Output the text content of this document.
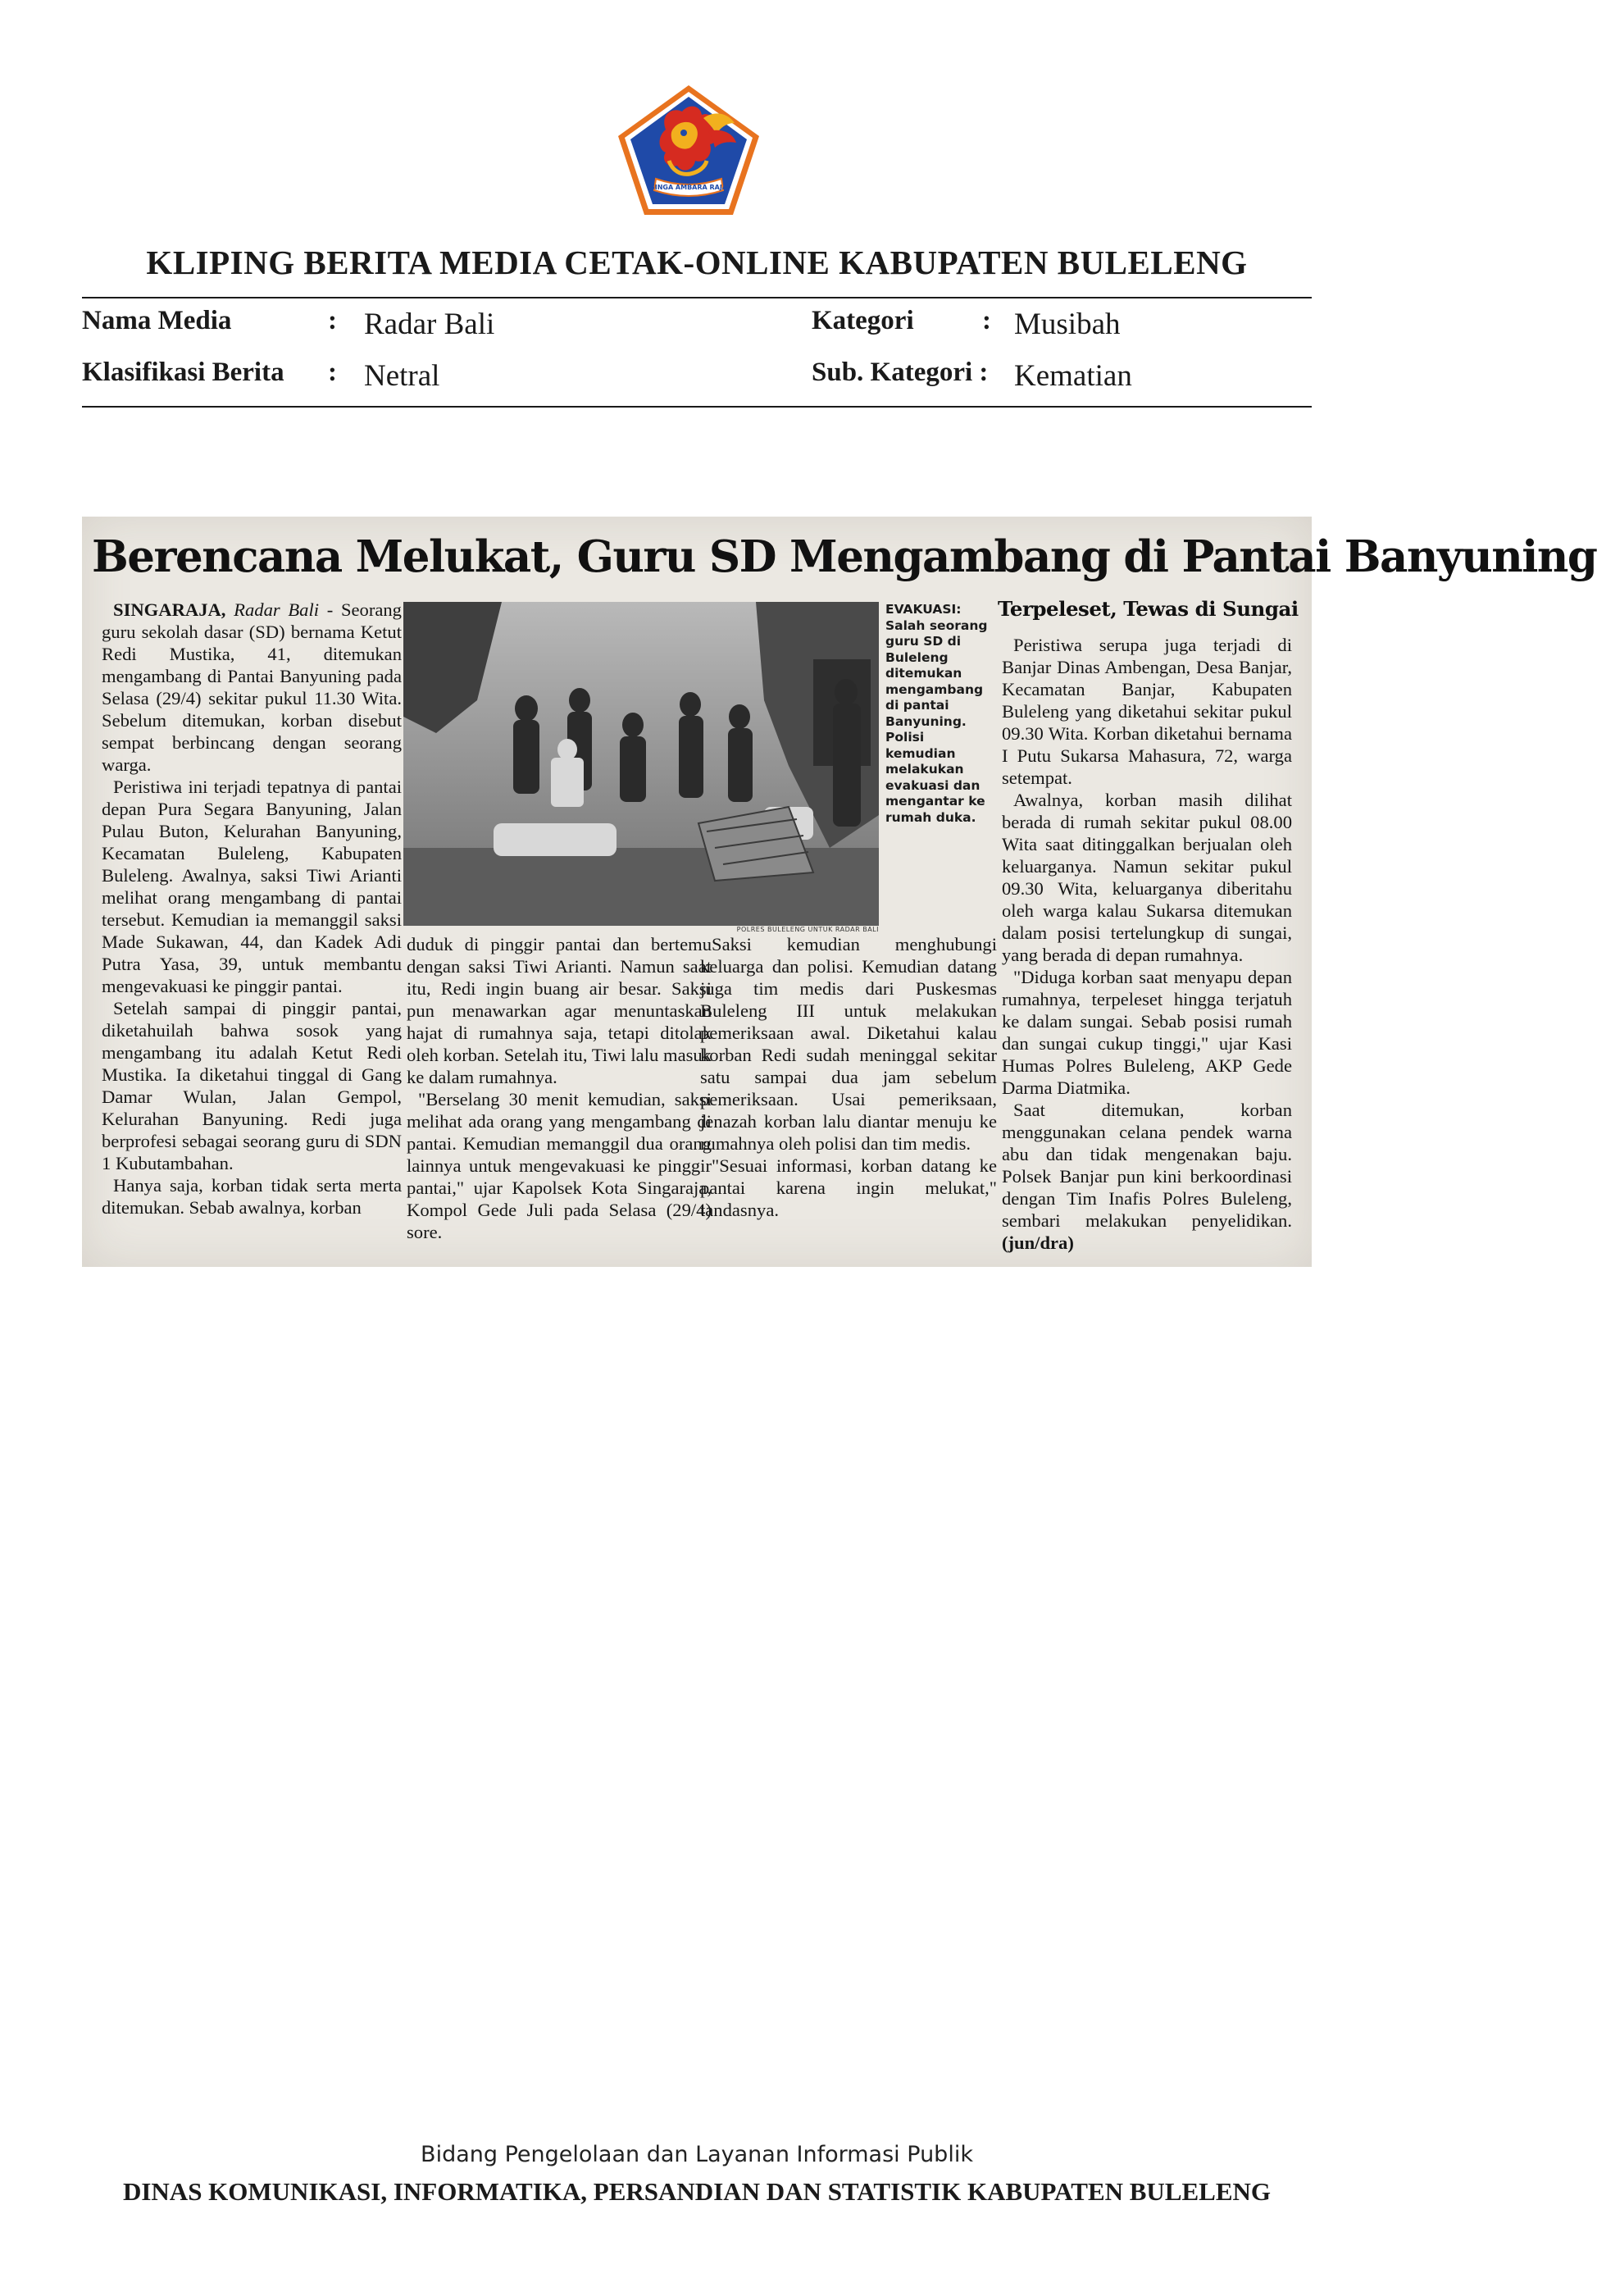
SINGA AMBARA RAJA
KLIPING BERITA MEDIA CETAK-ONLINE KABUPATEN BULELENG
Nama Media	: Radar Bali
Klasifikasi Berita : Netral
Kategori	: Musibah
Sub. Kategori : Kematian
Berencana Melukat, Guru SD Mengambang di Pantai Banyuning

SINGARAJA, Radar Bali - Seorang guru sekolah dasar (SD) bernama Ketut Redi Mustika, 41, ditemukan mengambang di Pantai Banyuning pada Selasa (29/4) sekitar pukul 11.30 Wita. Sebelum ditemukan, korban disebut sempat berbincang dengan seorang warga.

Peristiwa ini terjadi tepatnya di pantai depan Pura Segara Banyuning, Jalan Pulau Buton, Kelurahan Banyuning, Kecamatan Buleleng, Kabupaten Buleleng. Awalnya, saksi Tiwi Arianti melihat orang mengambang di pantai tersebut. Kemudian ia memanggil saksi Made Sukawan, 44, dan Kadek Adi Putra Yasa, 39, untuk membantu mengevakuasi ke pinggir pantai.

Setelah sampai di pinggir pantai, diketahuilah bahwa sosok yang mengambang itu adalah Ketut Redi Mustika. Ia diketahui tinggal di Gang Damar Wulan, Jalan Gempol, Kelurahan Banyuning. Redi juga berprofesi sebagai seorang guru di SDN 1 Kubutambahan.

Hanya saja, korban tidak serta merta ditemukan. Sebab awalnya, korban

POLRES BULELENG UNTUK RADAR BALI
EVAKUASI: Salah seorang guru SD di Buleleng ditemukan mengambang di pantai Banyuning. Polisi kemudian melakukan evakuasi dan mengantar ke rumah duka.

duduk di pinggir pantai dan bertemu dengan saksi Tiwi Arianti. Namun saat itu, Redi ingin buang air besar. Saksi pun menawarkan agar menuntaskan hajat di rumahnya saja, tetapi ditolak oleh korban. Setelah itu, Tiwi lalu masuk ke dalam rumahnya.

"Berselang 30 menit kemudian, saksi melihat ada orang yang mengambang di pantai. Kemudian memanggil dua orang lainnya untuk mengevakuasi ke pinggir pantai," ujar Kapolsek Kota Singaraja, Kompol Gede Juli pada Selasa (29/4) sore.

Saksi kemudian menghubungi keluarga dan polisi. Kemudian datang juga tim medis dari Puskesmas Buleleng III untuk melakukan pemeriksaan awal. Diketahui kalau korban Redi sudah meninggal sekitar satu sampai dua jam sebelum pemeriksaan. Usai pemeriksaan, jenazah korban lalu diantar menuju ke rumahnya oleh polisi dan tim medis.

"Sesuai informasi, korban datang ke pantai karena ingin melukat," tandasnya.

Terpeleset, Tewas di Sungai

Peristiwa serupa juga terjadi di Banjar Dinas Ambengan, Desa Banjar, Kecamatan Banjar, Kabupaten Buleleng yang diketahui sekitar pukul 09.30 Wita. Korban diketahui bernama I Putu Sukarsa Mahasura, 72, warga setempat.

Awalnya, korban masih dilihat berada di rumah sekitar pukul 08.00 Wita saat ditinggalkan berjualan oleh keluarganya. Namun sekitar pukul 09.30 Wita, keluarganya diberitahu oleh warga kalau Sukarsa ditemukan dalam posisi tertelungkup di sungai, yang berada di depan rumahnya.

"Diduga korban saat menyapu depan rumahnya, terpeleset hingga terjatuh ke dalam sungai. Sebab posisi rumah dan sungai cukup tinggi," ujar Kasi Humas Polres Buleleng, AKP Gede Darma Diatmika.

Saat ditemukan, korban menggunakan celana pendek warna abu dan tidak mengenakan baju. Polsek Banjar pun kini berkoordinasi dengan Tim Inafis Polres Buleleng, sembari melakukan penyelidikan. (jun/dra)

Bidang Pengelolaan dan Layanan Informasi Publik
DINAS KOMUNIKASI, INFORMATIKA, PERSANDIAN DAN STATISTIK KABUPATEN BULELENG
